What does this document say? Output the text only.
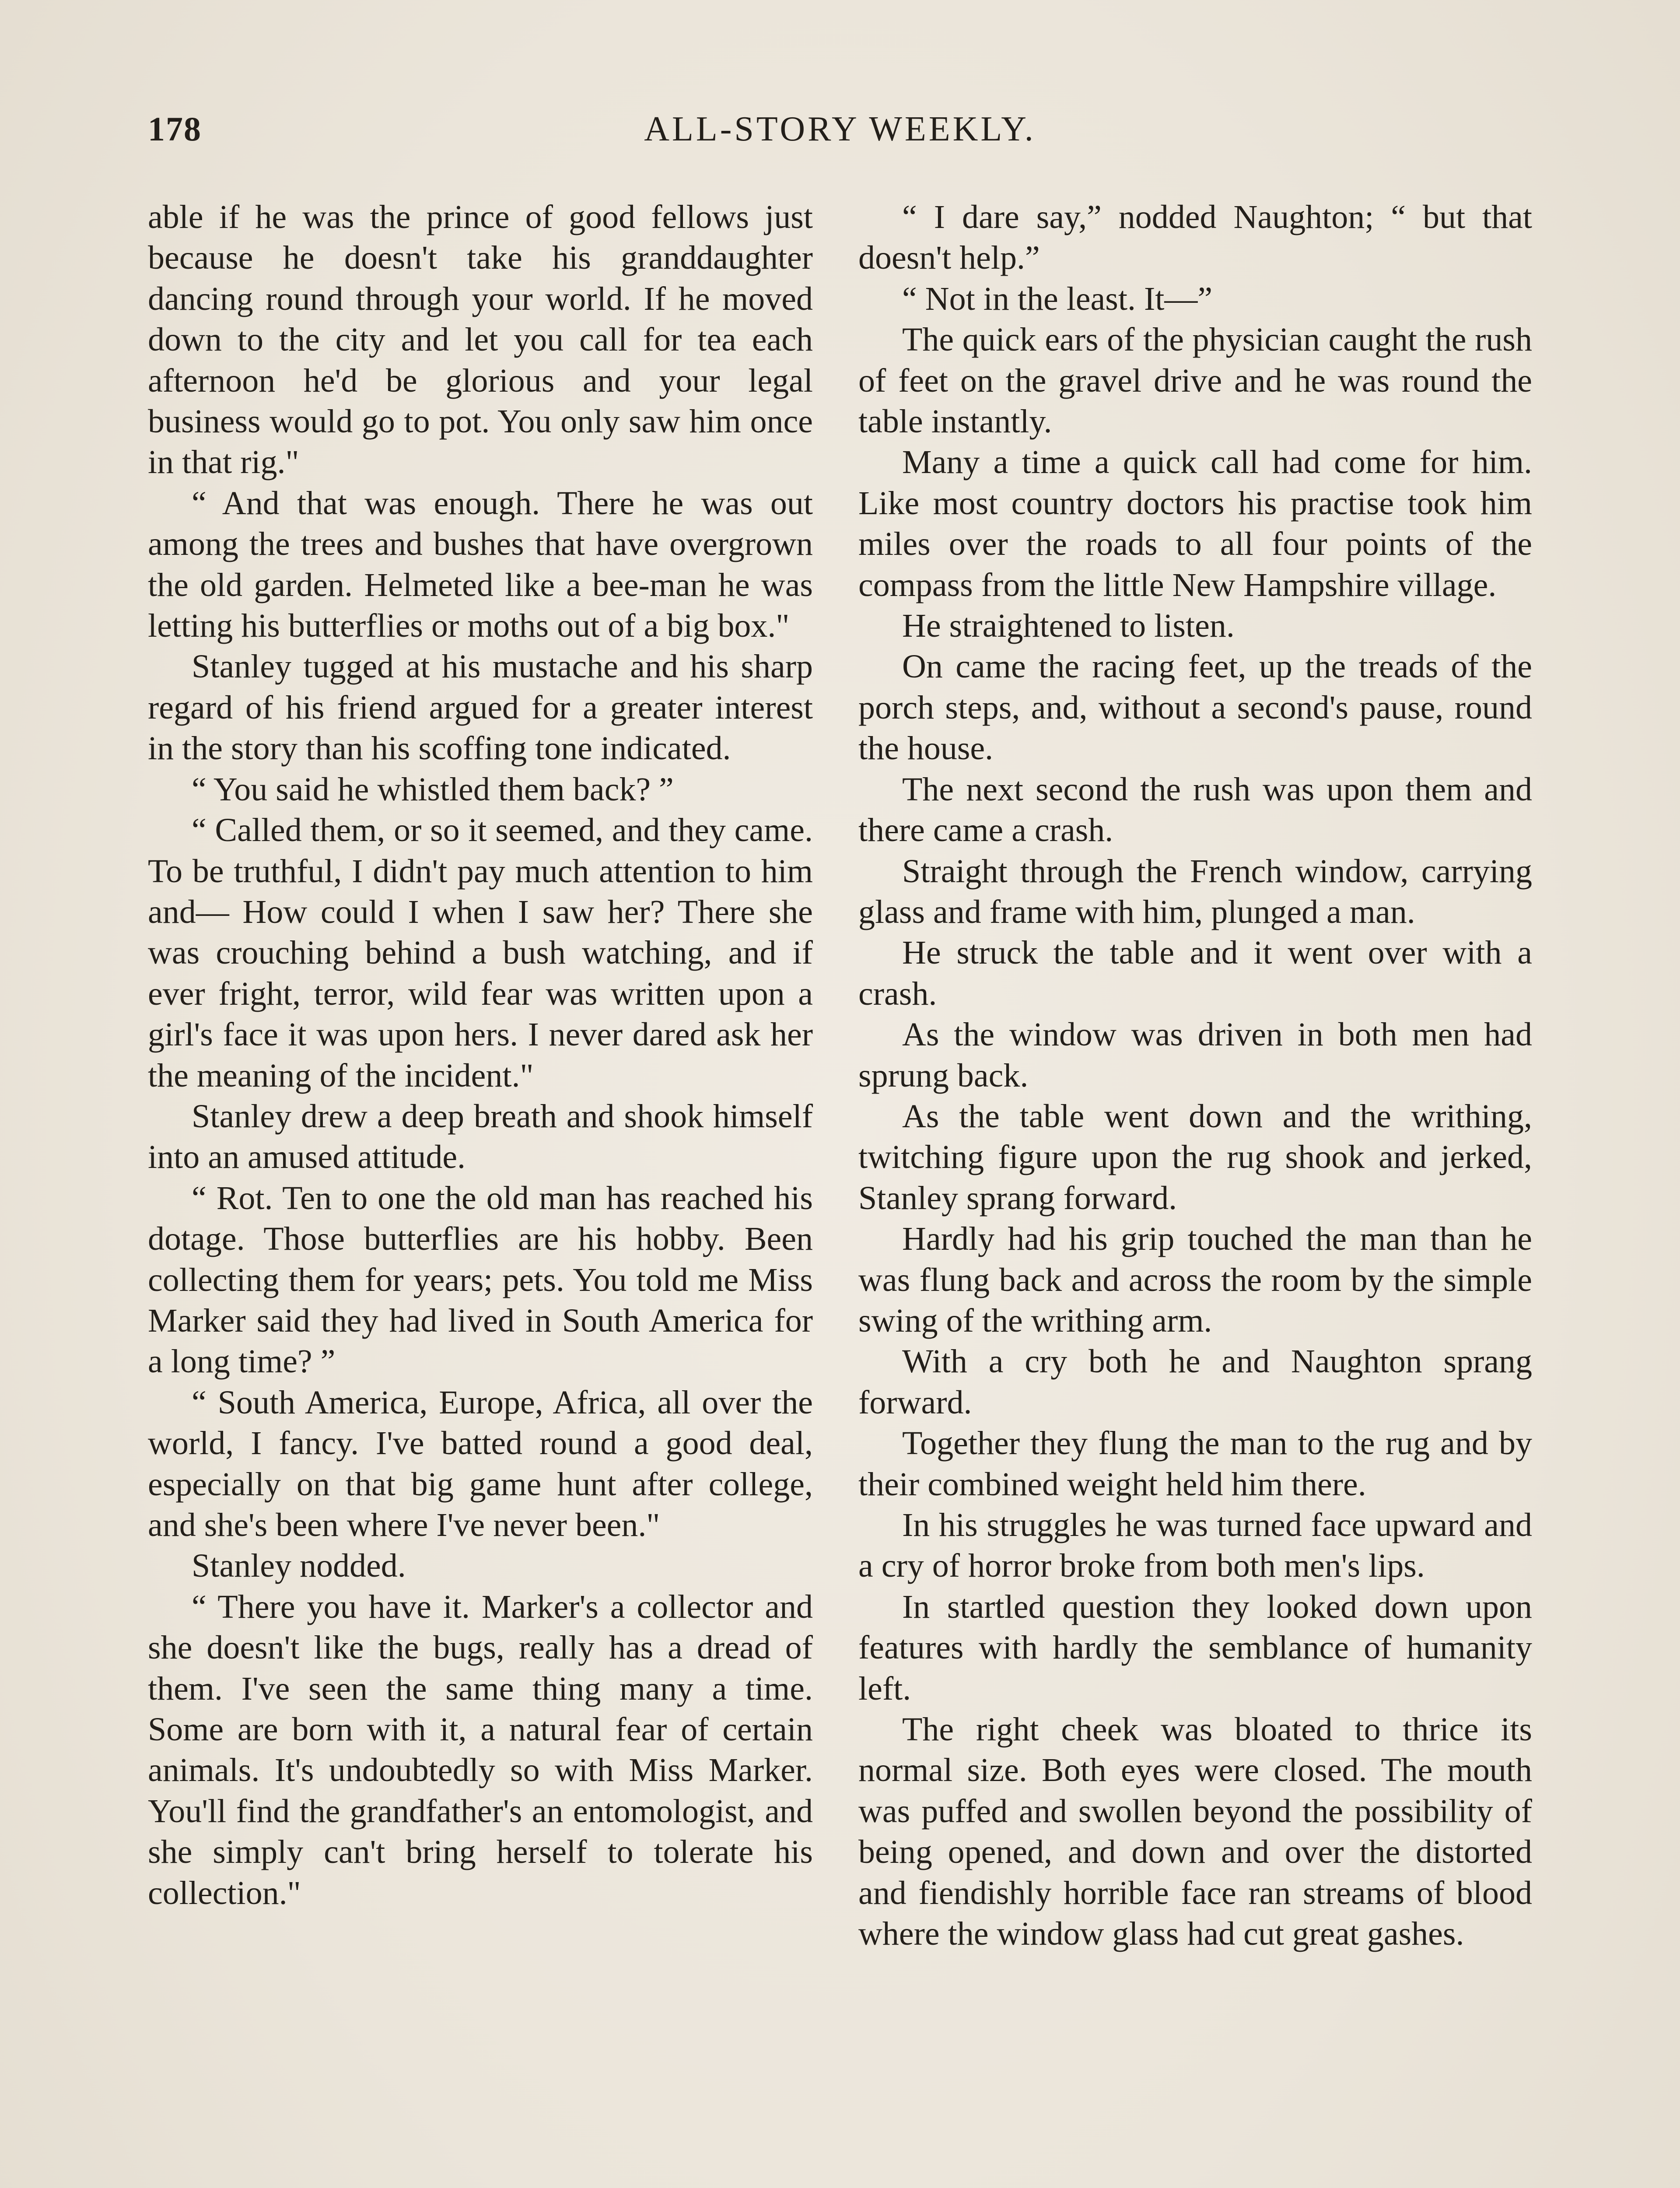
178	ALL-STORY WEEKLY.

able if he was the prince of good fellows just because he doesn't take his granddaughter dancing round through your world. If he moved down to the city and let you call for tea each afternoon he'd be glorious and your legal business would go to pot. You only saw him once in that rig."

“ And that was enough. There he was out among the trees and bushes that have overgrown the old garden. Helmeted like a bee-man he was letting his butterflies or moths out of a big box."

Stanley tugged at his mustache and his sharp regard of his friend argued for a greater interest in the story than his scoffing tone indicated.

“ You said he whistled them back? ”

“ Called them, or so it seemed, and they came. To be truthful, I didn't pay much attention to him and— How could I when I saw her? There she was crouching behind a bush watching, and if ever fright, terror, wild fear was written upon a girl's face it was upon hers. I never dared ask her the meaning of the incident."

Stanley drew a deep breath and shook himself into an amused attitude.

“ Rot. Ten to one the old man has reached his dotage. Those butterflies are his hobby. Been collecting them for years; pets. You told me Miss Marker said they had lived in South America for a long time? ”

“ South America, Europe, Africa, all over the world, I fancy. I've batted round a good deal, especially on that big game hunt after college, and she's been where I've never been."

Stanley nodded.

“ There you have it. Marker's a collector and she doesn't like the bugs, really has a dread of them. I've seen the same thing many a time. Some are born with it, a natural fear of certain animals. It's undoubtedly so with Miss Marker. You'll find the grandfather's an entomologist, and she simply can't bring herself to tolerate his collection."

“ I dare say,” nodded Naughton; “ but that doesn't help.”

“ Not in the least. It—”

The quick ears of the physician caught the rush of feet on the gravel drive and he was round the table instantly.

Many a time a quick call had come for him. Like most country doctors his practise took him miles over the roads to all four points of the compass from the little New Hampshire village.

He straightened to listen.

On came the racing feet, up the treads of the porch steps, and, without a second's pause, round the house.

The next second the rush was upon them and there came a crash.

Straight through the French window, carrying glass and frame with him, plunged a man.

He struck the table and it went over with a crash.

As the window was driven in both men had sprung back.

As the table went down and the writhing, twitching figure upon the rug shook and jerked, Stanley sprang forward.

Hardly had his grip touched the man than he was flung back and across the room by the simple swing of the writhing arm.

With a cry both he and Naughton sprang forward.

Together they flung the man to the rug and by their combined weight held him there.

In his struggles he was turned face upward and a cry of horror broke from both men's lips.

In startled question they looked down upon features with hardly the semblance of humanity left.

The right cheek was bloated to thrice its normal size. Both eyes were closed. The mouth was puffed and swollen beyond the possibility of being opened, and down and over the distorted and fiendishly horrible face ran streams of blood where the window glass had cut great gashes.
